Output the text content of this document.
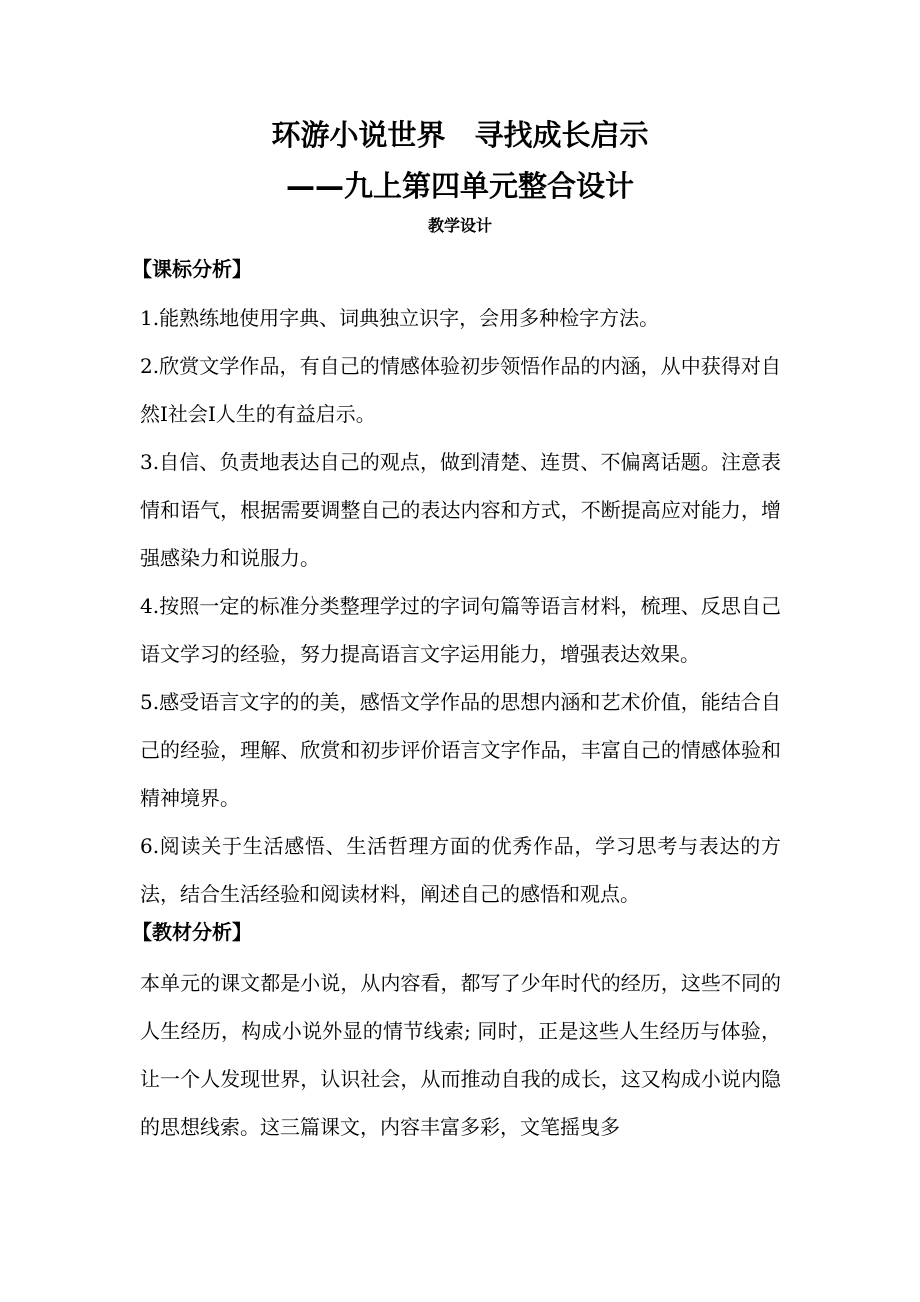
环游小说世界　寻找成长启示
——九上第四单元整合设计
教学设计
【课标分析】
1.能熟练地使用字典、词典独立识字，会用多种检字方法。
2.欣赏文学作品，有自己的情感体验初步领悟作品的内涵，从中获得对自然I社会I人生的有益启示。
3.自信、负责地表达自己的观点，做到清楚、连贯、不偏离话题。注意表情和语气，根据需要调整自己的表达内容和方式，不断提高应对能力，增强感染力和说服力。
4.按照一定的标准分类整理学过的字词句篇等语言材料，梳理、反思自己语文学习的经验，努力提高语言文字运用能力，增强表达效果。
5.感受语言文字的的美，感悟文学作品的思想内涵和艺术价值，能结合自己的经验，理解、欣赏和初步评价语言文字作品，丰富自己的情感体验和精神境界。
6.阅读关于生活感悟、生活哲理方面的优秀作品，学习思考与表达的方法，结合生活经验和阅读材料，阐述自己的感悟和观点。
【教材分析】

本单元的课文都是小说，从内容看，都写了少年时代的经历，这些不同的人生经历，构成小说外显的情节线索; 同时，正是这些人生经历与体验，让一个人发现世界，认识社会，从而推动自我的成长，这又构成小说内隐的思想线索。这三篇课文，内容丰富多彩，文笔摇曳多
